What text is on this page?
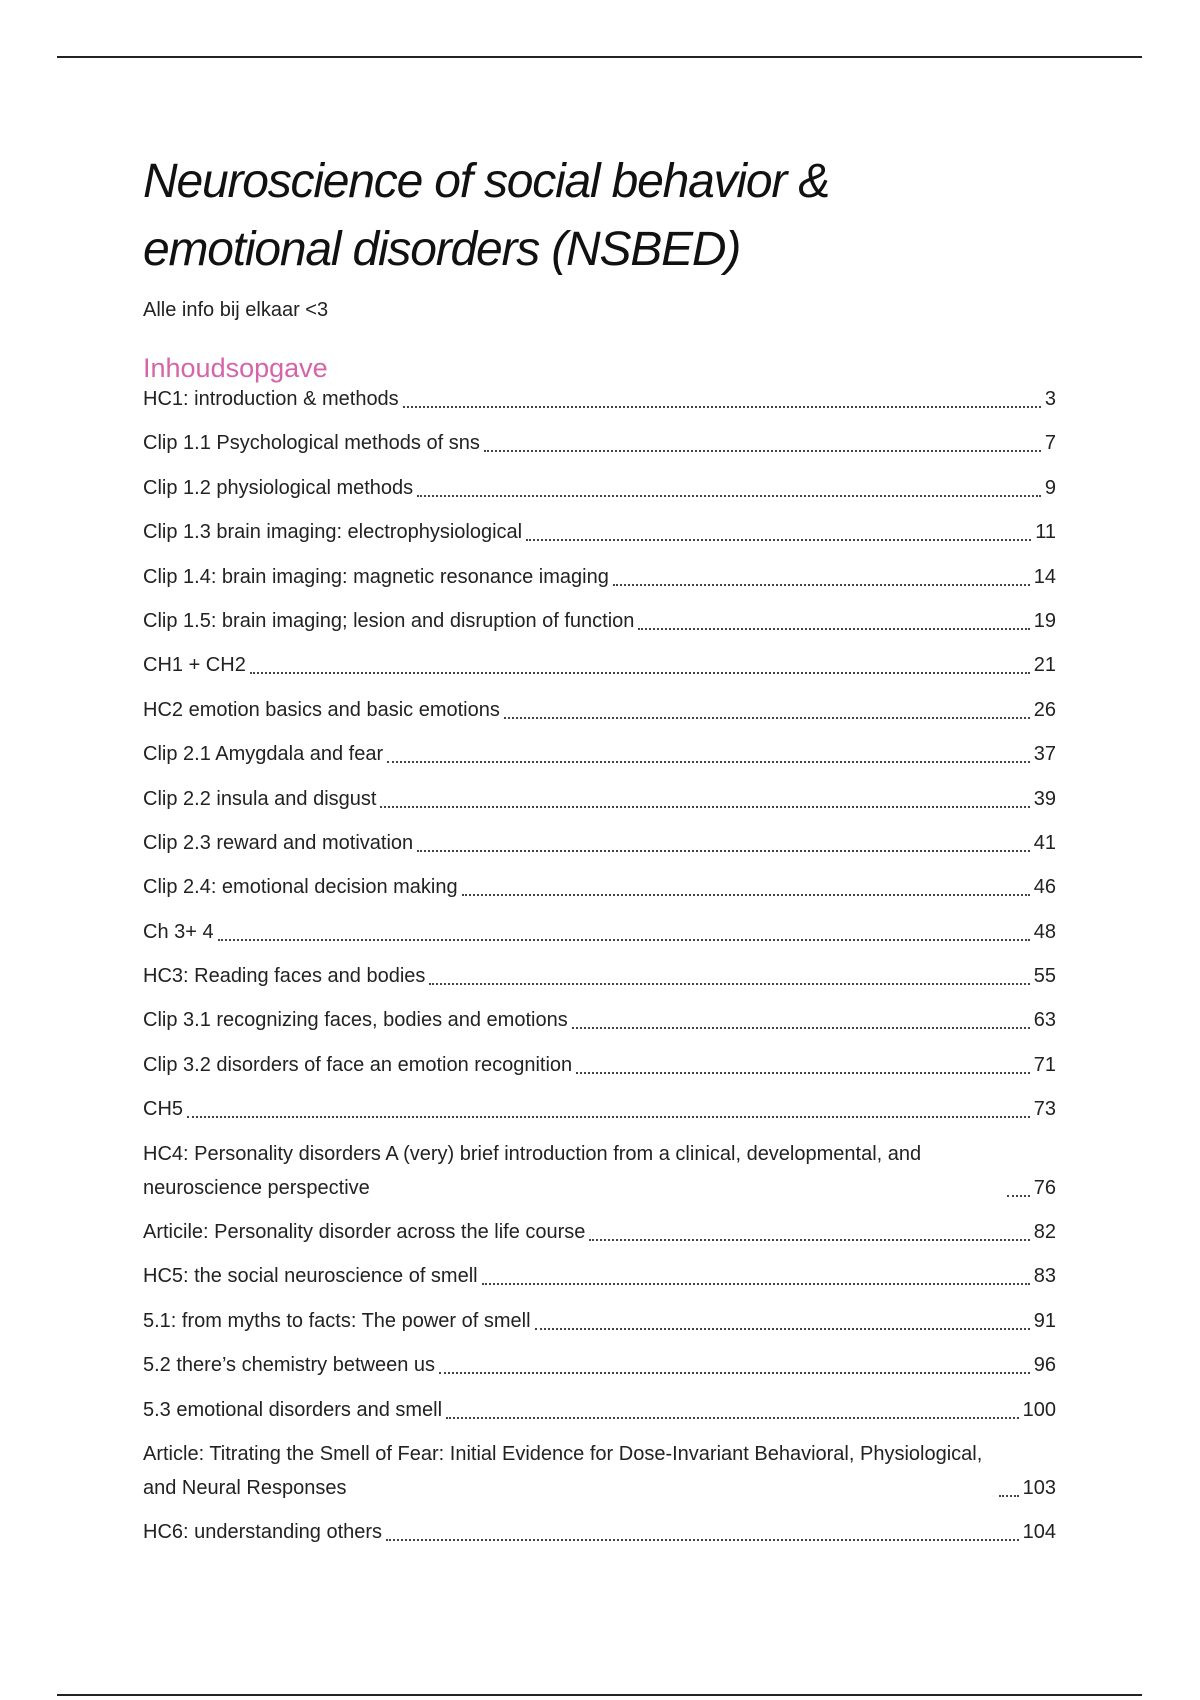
Neuroscience of social behavior &
emotional disorders (NSBED)
Alle info bij elkaar <3
Inhoudsopgave
HC1: introduction & methods	3
Clip 1.1 Psychological methods of sns	7
Clip 1.2 physiological methods	9
Clip 1.3 brain imaging: electrophysiological	11
Clip 1.4: brain imaging: magnetic resonance imaging	14
Clip 1.5: brain imaging; lesion and disruption of function	19
CH1 + CH2	21
HC2 emotion basics and basic emotions	26
Clip 2.1 Amygdala and fear	37
Clip 2.2 insula and disgust	39
Clip 2.3 reward and motivation	41
Clip 2.4: emotional decision making	46
Ch 3+ 4	48
HC3: Reading faces and bodies	55
Clip 3.1 recognizing faces, bodies and emotions	63
Clip 3.2 disorders of face an emotion recognition	71
CH5	73
HC4: Personality disorders A (very) brief introduction from a clinical, developmental, and neuroscience perspective	76
Articile: Personality disorder across the life course	82
HC5: the social neuroscience of smell	83
5.1: from myths to facts: The power of smell	91
5.2 there’s chemistry between us	96
5.3 emotional disorders and smell	100
Article: Titrating the Smell of Fear: Initial Evidence for Dose-Invariant Behavioral, Physiological, and Neural Responses	103
HC6: understanding others	104
